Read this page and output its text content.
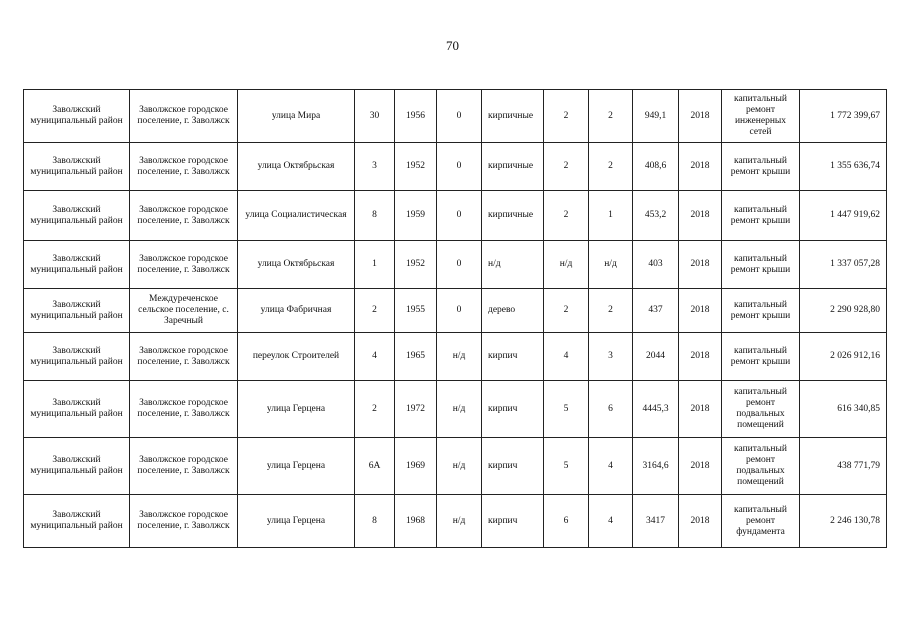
70
Заволжский муниципальный район	Заволжское городское поселение, г. Заволжск	улица Мира	30	1956	0	кирпичные	2	2	949,1	2018	капитальный ремонт инженерных сетей	1 772 399,67
Заволжский муниципальный район	Заволжское городское поселение, г. Заволжск	улица Октябрьская	3	1952	0	кирпичные	2	2	408,6	2018	капитальный ремонт крыши	1 355 636,74
Заволжский муниципальный район	Заволжское городское поселение, г. Заволжск	улица Социалистическая	8	1959	0	кирпичные	2	1	453,2	2018	капитальный ремонт крыши	1 447 919,62
Заволжский муниципальный район	Заволжское городское поселение, г. Заволжск	улица Октябрьская	1	1952	0	н/д	н/д	н/д	403	2018	капитальный ремонт крыши	1 337 057,28
Заволжский муниципальный район	Междуреченское сельское поселение, с. Заречный	улица Фабричная	2	1955	0	дерево	2	2	437	2018	капитальный ремонт крыши	2 290 928,80
Заволжский муниципальный район	Заволжское городское поселение, г. Заволжск	переулок Строителей	4	1965	н/д	кирпич	4	3	2044	2018	капитальный ремонт крыши	2 026 912,16
Заволжский муниципальный район	Заволжское городское поселение, г. Заволжск	улица Герцена	2	1972	н/д	кирпич	5	6	4445,3	2018	капитальный ремонт подвальных помещений	616 340,85
Заволжский муниципальный район	Заволжское городское поселение, г. Заволжск	улица Герцена	6А	1969	н/д	кирпич	5	4	3164,6	2018	капитальный ремонт подвальных помещений	438 771,79
Заволжский муниципальный район	Заволжское городское поселение, г. Заволжск	улица Герцена	8	1968	н/д	кирпич	6	4	3417	2018	капитальный ремонт фундамента	2 246 130,78
